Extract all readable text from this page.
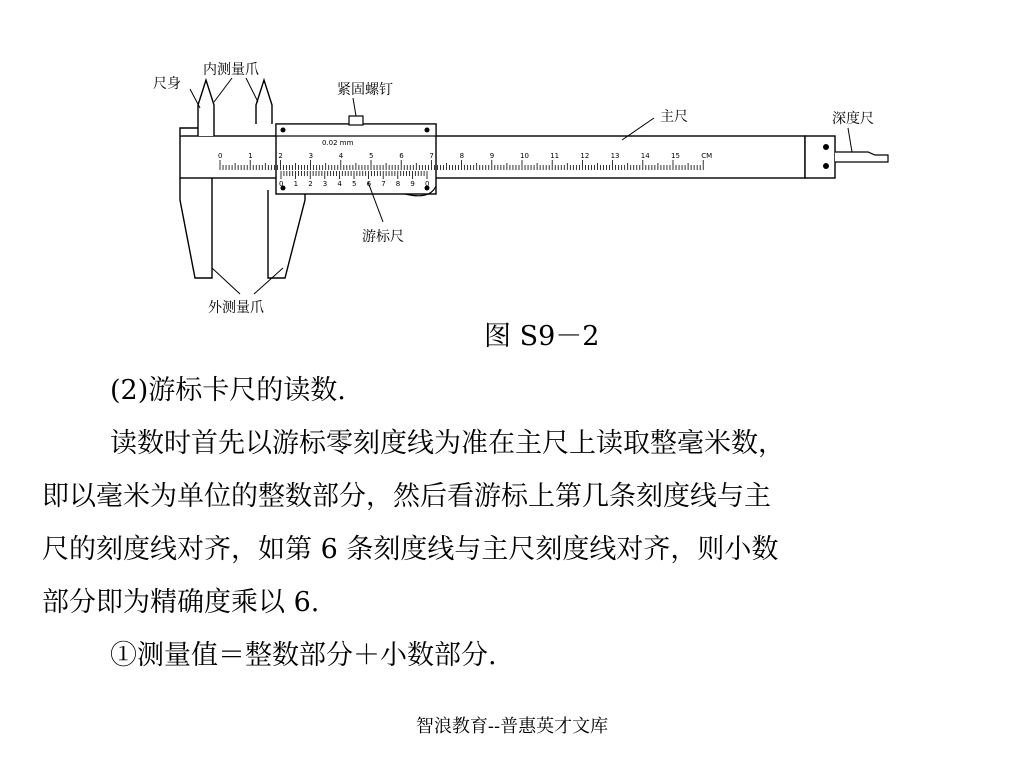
0.02 mm
0	1	2	3	4	5	6	7	8	9	10	11	12	13	14	15	CM
0 1 2 3 4 5 6 7 8 9 0
尺身
内测量爪
紧固螺钉
主尺	深度尺
游标尺
外测量爪
图 S9－2
(2)游标卡尺的读数.
读数时首先以游标零刻度线为准在主尺上读取整毫米数，
即以毫米为单位的整数部分，然后看游标上第几条刻度线与主
尺的刻度线对齐，如第 6 条刻度线与主尺刻度线对齐，则小数
部分即为精确度乘以 6.
①测量值＝整数部分＋小数部分.
智浪教育--普惠英才文库
